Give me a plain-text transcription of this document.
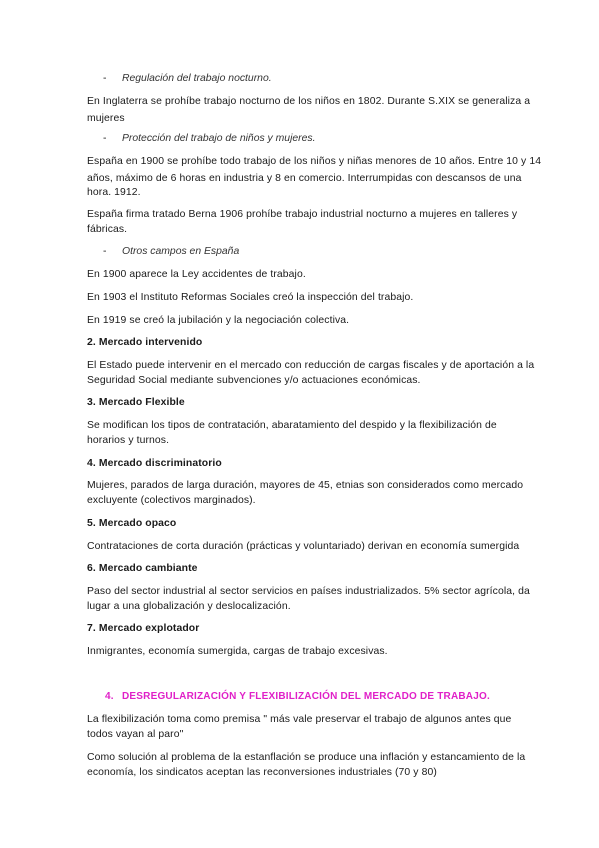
- Regulación del trabajo nocturno.
En Inglaterra se prohíbe trabajo nocturno de los niños en 1802. Durante S.XIX se generaliza a
mujeres
- Protección del trabajo de niños y mujeres.
España en 1900 se prohíbe todo trabajo de los niños y niñas menores de 10 años. Entre 10 y 14
años, máximo de 6 horas en industria y 8 en comercio. Interrumpidas con descansos de una
hora. 1912.
España firma tratado Berna 1906 prohíbe trabajo industrial nocturno a mujeres en talleres y
fábricas.
- Otros campos en España
En 1900 aparece la Ley accidentes de trabajo.
En 1903 el Instituto Reformas Sociales creó la inspección del trabajo.
En 1919 se creó la jubilación y la negociación colectiva.
2. Mercado intervenido
El Estado puede intervenir en el mercado con reducción de cargas fiscales y de aportación a la
Seguridad Social mediante subvenciones y/o actuaciones económicas.
3. Mercado Flexible
Se modifican los tipos de contratación, abaratamiento del despido y la flexibilización de
horarios y turnos.
4. Mercado discriminatorio
Mujeres, parados de larga duración, mayores de 45, etnias son considerados como mercado
excluyente (colectivos marginados).
5. Mercado opaco
Contrataciones de corta duración (prácticas y voluntariado) derivan en economía sumergida
6. Mercado cambiante
Paso del sector industrial al sector servicios en países industrializados. 5% sector agrícola, da
lugar a una globalización y deslocalización.
7. Mercado explotador
Inmigrantes, economía sumergida, cargas de trabajo excesivas.
4. DESREGULARIZACIÓN Y FLEXIBILIZACIÓN DEL MERCADO DE TRABAJO.
La flexibilización toma como premisa " más vale preservar el trabajo de algunos antes que
todos vayan al paro"
Como solución al problema de la estanflación se produce una inflación y estancamiento de la
economía, los sindicatos aceptan las reconversiones industriales (70 y 80)
